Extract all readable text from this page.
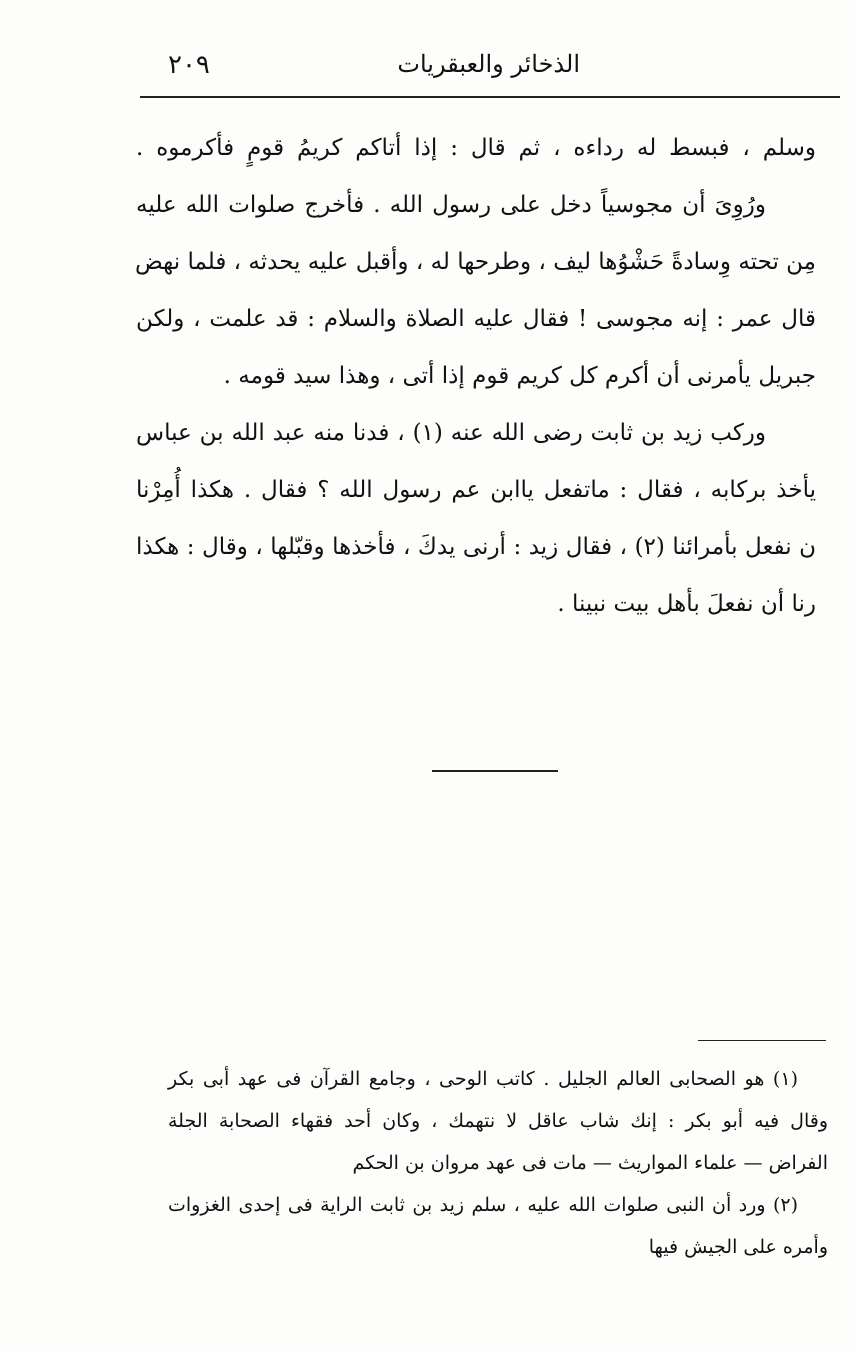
الذخائر والعبقريات
٢٠٩
وسلم ، فبسط له رداءه ، ثم قال : إذا أتاكم كريمُ قومٍ فأكرموه .
ورُوِىَ أن مجوسياً دخل على رسول الله . فأخرج صلوات الله عليه
مِن تحته وِسادةً حَشْوُها ليف ، وطرحها له ، وأقبل عليه يحدثه ، فلما نهض
قال عمر : إنه مجوسى ! فقال عليه الصلاة والسلام : قد علمت ، ولكن
جبريل يأمرنى أن أكرم كل كريم قوم إذا أتى ، وهذا سيد قومه .
وركب زيد بن ثابت رضى الله عنه (١) ، فدنا منه عبد الله بن عباس
يأخذ بركابه ، فقال : ماتفعل ياابن عم رسول الله ؟ فقال . هكذا أُمِرْنا
ن نفعل بأمرائنا (٢) ، فقال زيد : أرنى يدكَ ، فأخذها وقبّلها ، وقال : هكذا
رنا أن نفعلَ بأهل بيت نبينا .
(١) هو الصحابى العالم الجليل . كاتب الوحى ، وجامع القرآن فى عهد أبى بكر
وقال فيه أبو بكر : إنك شاب عاقل لا نتهمك ، وكان أحد فقهاء الصحابة الجلة
الفراض — علماء المواريث — مات فى عهد مروان بن الحكم
(٢) ورد أن النبى صلوات الله عليه ، سلم زيد بن ثابت الراية فى إحدى الغزوات
وأمره على الجيش فيها
